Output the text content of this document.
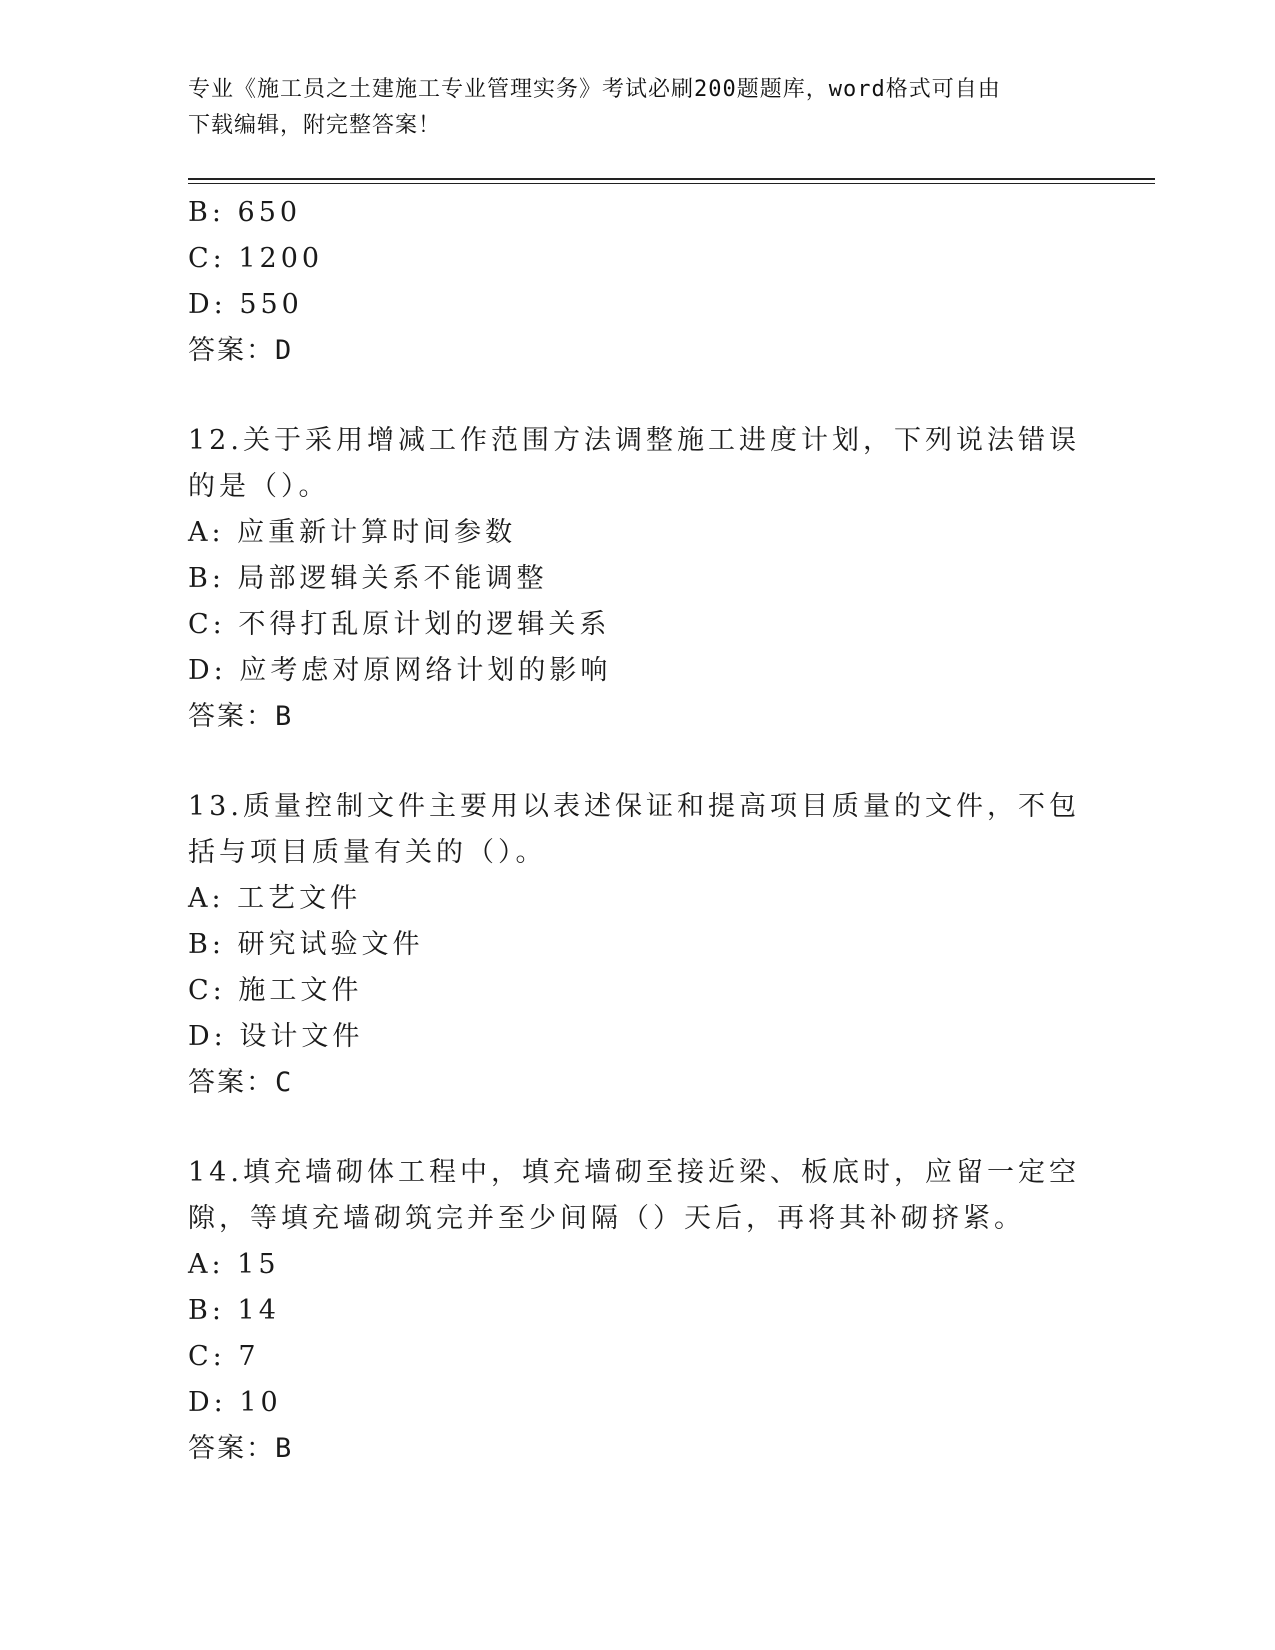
专业《施工员之土建施工专业管理实务》考试必刷200题题库，word格式可自由
下载编辑，附完整答案！
B: 650
C: 1200
D: 550
答案：D
12.关于采用增减工作范围方法调整施工进度计划，下列说法错误的是（）。
A: 应重新计算时间参数
B: 局部逻辑关系不能调整
C: 不得打乱原计划的逻辑关系
D: 应考虑对原网络计划的影响
答案：B
13.质量控制文件主要用以表述保证和提高项目质量的文件，不包括与项目质量有关的（）。
A: 工艺文件
B: 研究试验文件
C: 施工文件
D: 设计文件
答案：C
14.填充墙砌体工程中，填充墙砌至接近梁、板底时，应留一定空隙，等填充墙砌筑完并至少间隔（）天后，再将其补砌挤紧。
A: 15
B: 14
C: 7
D: 10
答案：B
